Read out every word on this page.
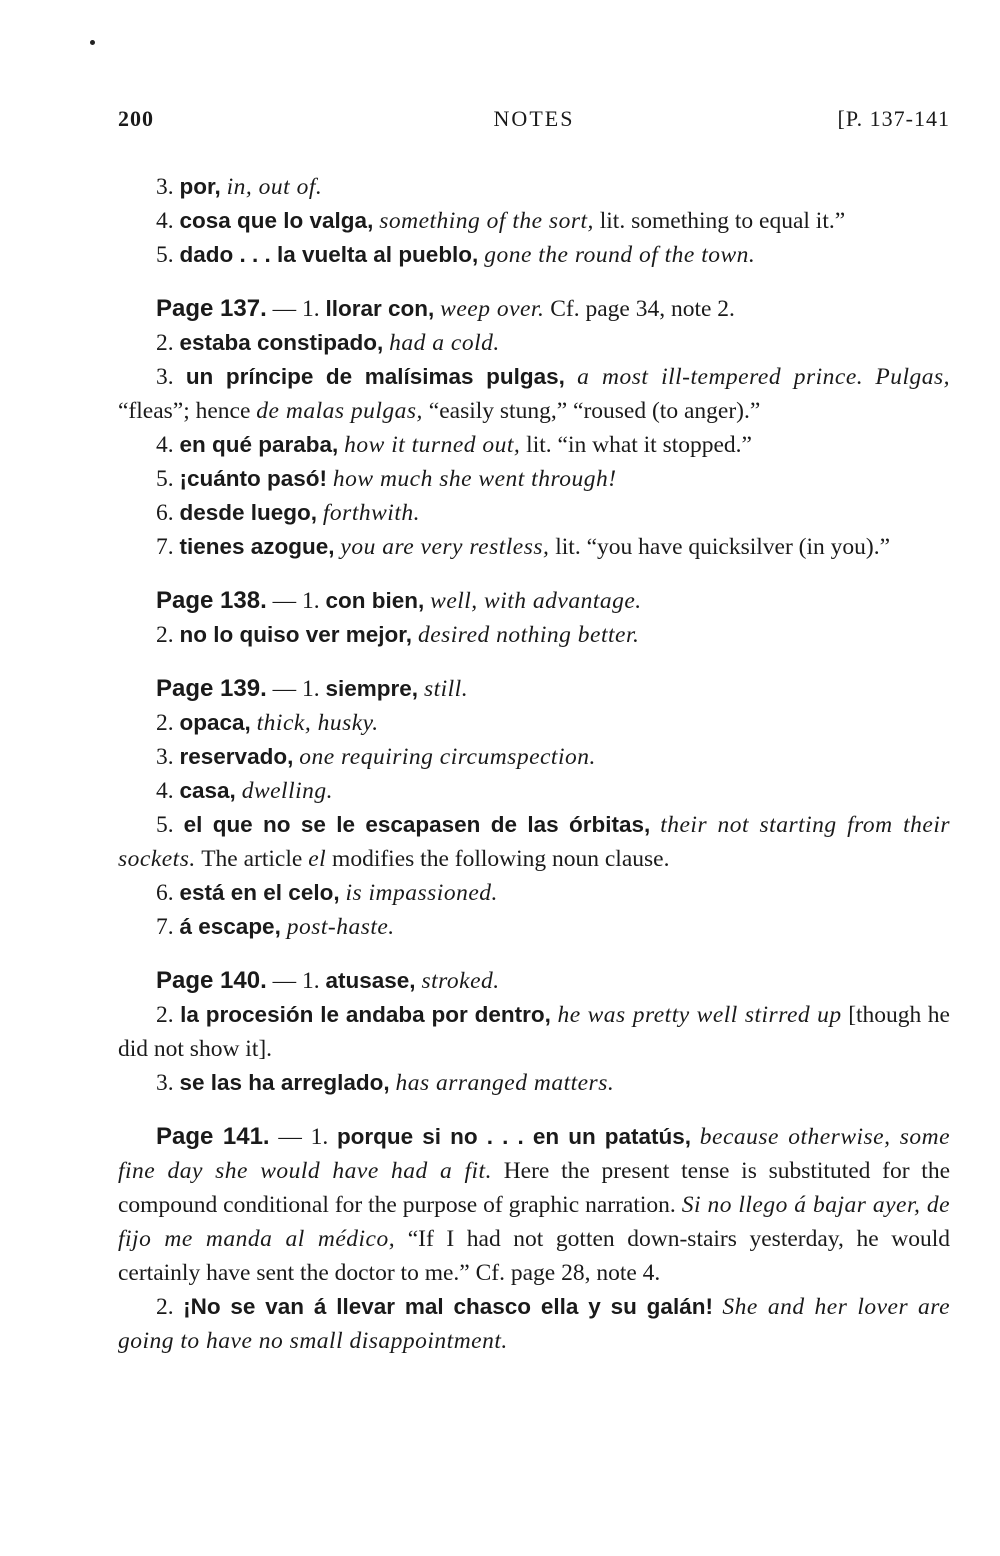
200	NOTES	[P. 137-141

3. por, in, out of.

4. cosa que lo valga, something of the sort, lit. something to equal it.”

5. dado . . . la vuelta al pueblo, gone the round of the town.

Page 137. — 1. llorar con, weep over. Cf. page 34, note 2.

2. estaba constipado, had a cold.

3. un príncipe de malísimas pulgas, a most ill-tempered prince. Pulgas, “fleas”; hence de malas pulgas, “easily stung,” “roused (to anger).”

4. en qué paraba, how it turned out, lit. “in what it stopped.”

5. ¡cuánto pasó! how much she went through!

6. desde luego, forthwith.

7. tienes azogue, you are very restless, lit. “you have quicksilver (in you).”

Page 138. — 1. con bien, well, with advantage.

2. no lo quiso ver mejor, desired nothing better.

Page 139. — 1. siempre, still.

2. opaca, thick, husky.

3. reservado, one requiring circumspection.

4. casa, dwelling.

5. el que no se le escapasen de las órbitas, their not starting from their sockets. The article el modifies the following noun clause.

6. está en el celo, is impassioned.

7. á escape, post-haste.

Page 140. — 1. atusase, stroked.

2. la procesión le andaba por dentro, he was pretty well stirred up [though he did not show it].

3. se las ha arreglado, has arranged matters.

Page 141. — 1. porque si no . . . en un patatús, because otherwise, some fine day she would have had a fit. Here the present tense is substituted for the compound conditional for the purpose of graphic narration. Si no llego á bajar ayer, de fijo me manda al médico, “If I had not gotten down-stairs yesterday, he would certainly have sent the doctor to me.” Cf. page 28, note 4.

2. ¡No se van á llevar mal chasco ella y su galán! She and her lover are going to have no small disappointment.
